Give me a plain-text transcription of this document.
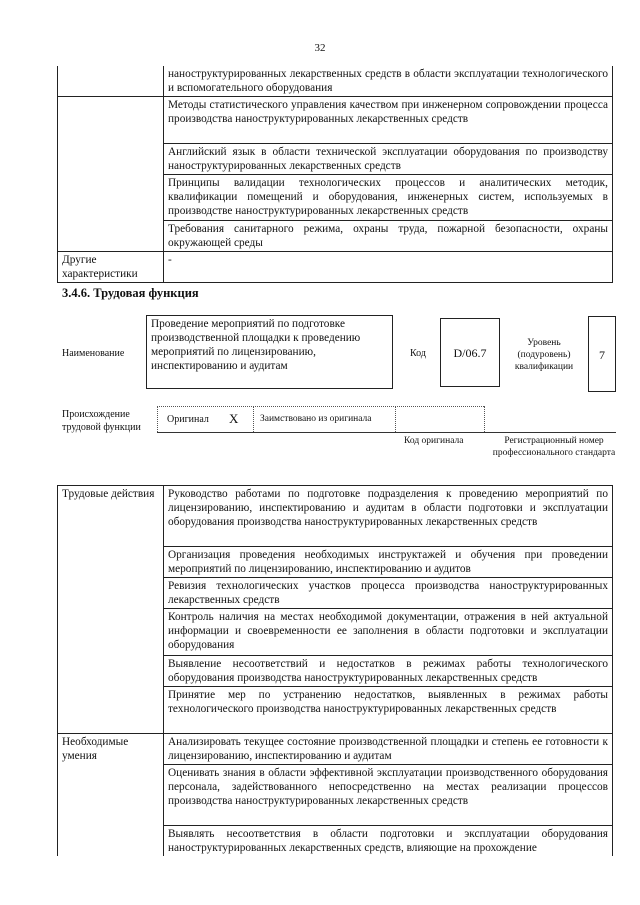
32
	наноструктурированных лекарственных средств в области эксплуатации технологического и вспомогательного оборудования
	Методы статистического управления качеством при инженерном сопровождении процесса производства наноструктурированных лекарственных средств
	Английский язык в области технической эксплуатации оборудования по производству наноструктурированных лекарственных средств
	Принципы валидации технологических процессов и аналитических методик, квалификации помещений и оборудования, инженерных систем, используемых в производстве наноструктурированных лекарственных средств
	Требования санитарного режима, охраны труда, пожарной безопасности, охраны окружающей среды
Другие характеристики	-
3.4.6. Трудовая функция
Наименование
Проведение мероприятий по подготовке производственной площадки к проведению мероприятий по лицензированию, инспектированию и аудитам
Код	D/06.7
Уровень (подуровень) квалификации
7
Происхождение трудовой функции
Оригинал X Заимствовано из оригинала
Код оригинала	Регистрационный номер профессионального стандарта
Трудовые действия	Руководство работами по подготовке подразделения к проведению мероприятий по лицензированию, инспектированию и аудитам в области подготовки и эксплуатации оборудования производства наноструктурированных лекарственных средств
	Организация проведения необходимых инструктажей и обучения при проведении мероприятий по лицензированию, инспектированию и аудитов
	Ревизия технологических участков процесса производства наноструктурированных лекарственных средств
	Контроль наличия на местах необходимой документации, отражения в ней актуальной информации и своевременности ее заполнения в области подготовки и эксплуатации оборудования
	Выявление несоответствий и недостатков в режимах работы технологического оборудования производства наноструктурированных лекарственных средств
	Принятие мер по устранению недостатков, выявленных в режимах работы технологического производства наноструктурированных лекарственных средств
Необходимые умения	Анализировать текущее состояние производственной площадки и степень ее готовности к лицензированию, инспектированию и аудитам
	Оценивать знания в области эффективной эксплуатации производственного оборудования персонала, задействованного непосредственно на местах реализации процессов производства наноструктурированных лекарственных средств
	Выявлять несоответствия в области подготовки и эксплуатации оборудования наноструктурированных лекарственных средств, влияющие на прохождение
